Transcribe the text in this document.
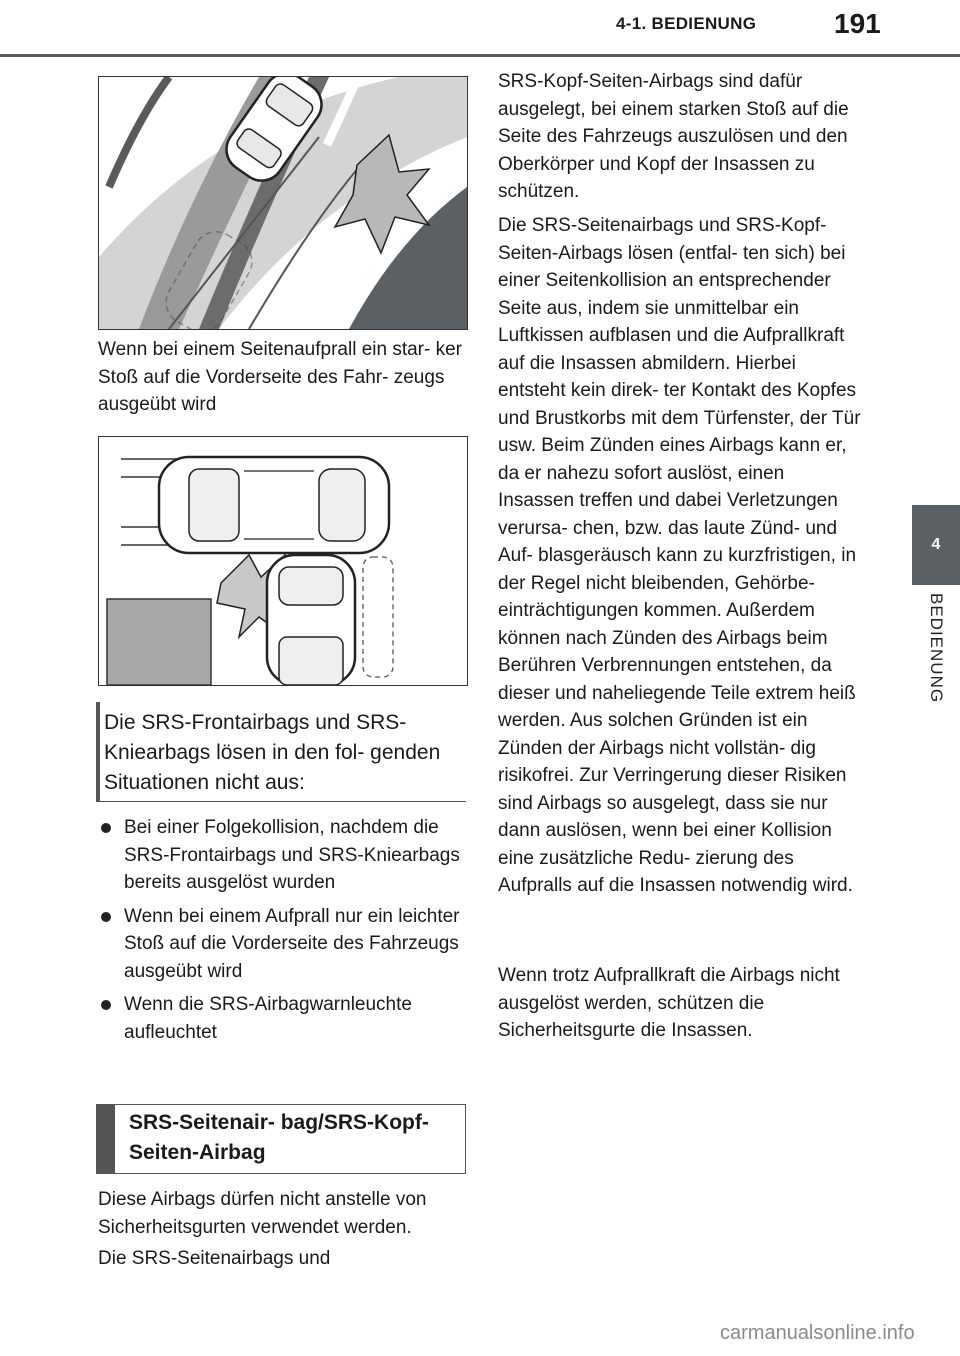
4-1. BEDIENUNG	191
4
BEDIENUNG

Wenn bei einem Seitenaufprall ein star- ker Stoß auf die Vorderseite des Fahr- zeugs ausgeübt wird

Die SRS-Frontairbags und SRS-Kniearbags lösen in den fol- genden Situationen nicht aus:

Bei einer Folgekollision, nachdem die SRS-Frontairbags und SRS-Kniearbags bereits ausgelöst wurden
Wenn bei einem Aufprall nur ein leichter Stoß auf die Vorderseite des Fahrzeugs ausgeübt wird
Wenn die SRS-Airbagwarnleuchte aufleuchtet

SRS-Seitenair- bag/SRS-Kopf-Seiten-Airbag

Diese Airbags dürfen nicht anstelle von Sicherheitsgurten verwendet werden.

Die SRS-Seitenairbags und

SRS-Kopf-Seiten-Airbags sind dafür ausgelegt, bei einem starken Stoß auf die Seite des Fahrzeugs auszulösen und den Oberkörper und Kopf der Insassen zu schützen.

Die SRS-Seitenairbags und SRS-Kopf-Seiten-Airbags lösen (entfal- ten sich) bei einer Seitenkollision an entsprechender Seite aus, indem sie unmittelbar ein Luftkissen aufblasen und die Aufprallkraft auf die Insassen abmildern. Hierbei entsteht kein direk- ter Kontakt des Kopfes und Brustkorbs mit dem Türfenster, der Tür usw. Beim Zünden eines Airbags kann er, da er nahezu sofort auslöst, einen Insassen treffen und dabei Verletzungen verursa- chen, bzw. das laute Zünd- und Auf- blasgeräusch kann zu kurzfristigen, in der Regel nicht bleibenden, Gehörbe- einträchtigungen kommen. Außerdem können nach Zünden des Airbags beim Berühren Verbrennungen entstehen, da dieser und naheliegende Teile extrem heiß werden. Aus solchen Gründen ist ein Zünden der Airbags nicht vollstän- dig risikofrei. Zur Verringerung dieser Risiken sind Airbags so ausgelegt, dass sie nur dann auslösen, wenn bei einer Kollision eine zusätzliche Redu- zierung des Aufpralls auf die Insassen notwendig wird.

Wenn trotz Aufprallkraft die Airbags nicht ausgelöst werden, schützen die Sicherheitsgurte die Insassen.

carmanualsonline.info
